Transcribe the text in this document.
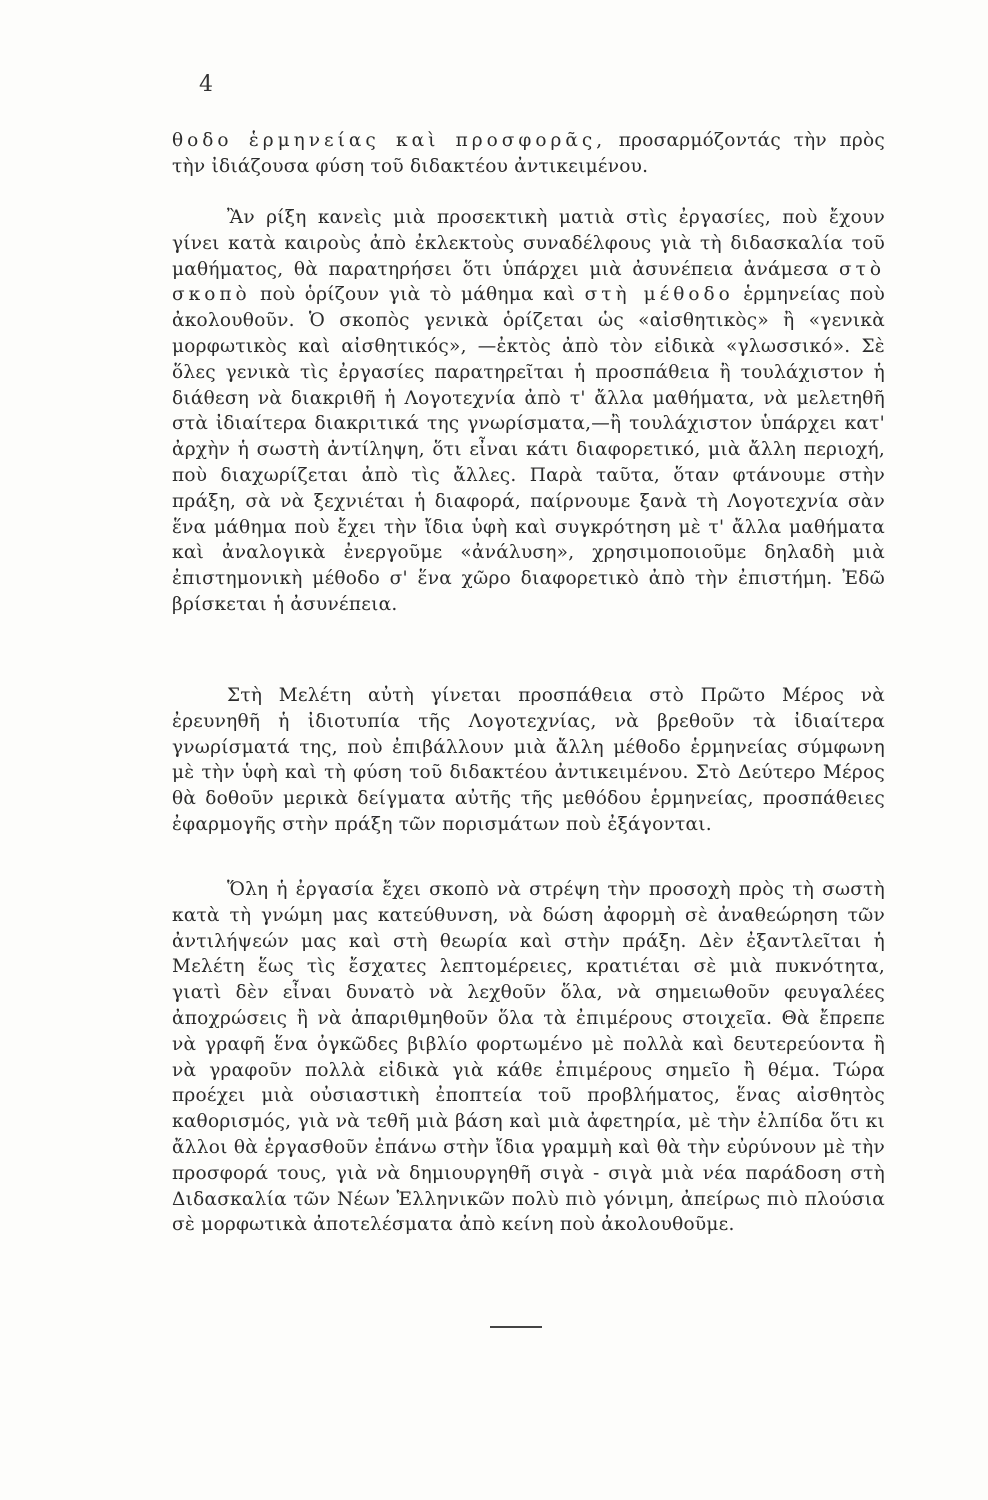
4

θοδο ἑρμηνείας καὶ προσφορᾶς, προσαρμόζοντάς τὴν πρὸς τὴν ἰδιάζουσα φύση τοῦ διδακτέου ἀντικειμένου.

Ἂν ρίξη κανεὶς μιὰ προσεκτικὴ ματιὰ στὶς ἐργασίες, ποὺ ἔχουν γίνει κατὰ καιροὺς ἀπὸ ἐκλεκτοὺς συναδέλφους γιὰ τὴ διδασκαλία τοῦ μαθήματος, θὰ παρατηρήσει ὅτι ὑπάρχει μιὰ ἀσυνέπεια ἀνάμεσα στὸ σκοπὸ ποὺ ὁρίζουν γιὰ τὸ μάθημα καὶ στὴ μέθοδο ἑρμηνείας ποὺ ἀκολουθοῦν. Ὁ σκοπὸς γενικὰ ὁρίζεται ὡς «αἰσθητικὸς» ἢ «γενικὰ μορφωτικὸς καὶ αἰσθητικός», —ἐκτὸς ἀπὸ τὸν εἰδικὰ «γλωσσικό». Σὲ ὅλες γενικὰ τὶς ἐργασίες παρατηρεῖται ἡ προσπάθεια ἢ τουλάχιστον ἡ διάθεση νὰ διακριθῆ ἡ Λογοτεχνία ἀπὸ τ' ἄλλα μαθήματα, νὰ μελετηθῆ στὰ ἰδιαίτερα διακριτικά της γνωρίσματα,—ἢ τουλάχιστον ὑπάρχει κατ' ἀρχὴν ἡ σωστὴ ἀντίληψη, ὅτι εἶναι κάτι διαφορετικό, μιὰ ἄλλη περιοχή, ποὺ διαχωρίζεται ἀπὸ τὶς ἄλλες. Παρὰ ταῦτα, ὅταν φτάνουμε στὴν πράξη, σὰ νὰ ξεχνιέται ἡ διαφορά, παίρνουμε ξανὰ τὴ Λογοτεχνία σὰν ἕνα μάθημα ποὺ ἔχει τὴν ἴδια ὑφὴ καὶ συγκρότηση μὲ τ' ἄλλα μαθήματα καὶ ἀναλογικὰ ἐνεργοῦμε «ἀνάλυση», χρησιμοποιοῦμε δηλαδὴ μιὰ ἐπιστημονικὴ μέθοδο σ' ἕνα χῶρο διαφορετικὸ ἀπὸ τὴν ἐπιστήμη. Ἐδῶ βρίσκεται ἡ ἀσυνέπεια.

Στὴ Μελέτη αὐτὴ γίνεται προσπάθεια στὸ Πρῶτο Μέρος νὰ ἐρευνηθῆ ἡ ἰδιοτυπία τῆς Λογοτεχνίας, νὰ βρεθοῦν τὰ ἰδιαίτερα γνωρίσματά της, ποὺ ἐπιβάλλουν μιὰ ἄλλη μέθοδο ἑρμηνείας σύμφωνη μὲ τὴν ὑφὴ καὶ τὴ φύση τοῦ διδακτέου ἀντικειμένου. Στὸ Δεύτερο Μέρος θὰ δοθοῦν μερικὰ δείγματα αὐτῆς τῆς μεθόδου ἑρμηνείας, προσπάθειες ἐφαρμογῆς στὴν πράξη τῶν πορισμάτων ποὺ ἐξάγονται.

Ὅλη ἡ ἐργασία ἔχει σκοπὸ νὰ στρέψη τὴν προσοχὴ πρὸς τὴ σωστὴ κατὰ τὴ γνώμη μας κατεύθυνση, νὰ δώση ἀφορμὴ σὲ ἀναθεώρηση τῶν ἀντιλήψεών μας καὶ στὴ θεωρία καὶ στὴν πράξη. Δὲν ἐξαντλεῖται ἡ Μελέτη ἕως τὶς ἔσχατες λεπτομέρειες, κρατιέται σὲ μιὰ πυκνότητα, γιατὶ δὲν εἶναι δυνατὸ νὰ λεχθοῦν ὅλα, νὰ σημειωθοῦν φευγαλέες ἀποχρώσεις ἢ νὰ ἀπαριθμηθοῦν ὅλα τὰ ἐπιμέρους στοιχεῖα. Θὰ ἔπρεπε νὰ γραφῆ ἕνα ὀγκῶδες βιβλίο φορτωμένο μὲ πολλὰ καὶ δευτερεύοντα ἢ νὰ γραφοῦν πολλὰ εἰδικὰ γιὰ κάθε ἐπιμέρους σημεῖο ἢ θέμα. Τώρα προέχει μιὰ οὐσιαστικὴ ἐποπτεία τοῦ προβλήματος, ἕνας αἰσθητὸς καθορισμός, γιὰ νὰ τεθῆ μιὰ βάση καὶ μιὰ ἀφετηρία, μὲ τὴν ἐλπίδα ὅτι κι ἄλλοι θὰ ἐργασθοῦν ἐπάνω στὴν ἴδια γραμμὴ καὶ θὰ τὴν εὐρύνουν μὲ τὴν προσφορά τους, γιὰ νὰ δημιουργηθῆ σιγὰ - σιγὰ μιὰ νέα παράδοση στὴ Διδασκαλία τῶν Νέων Ἑλληνικῶν πολὺ πιὸ γόνιμη, ἀπείρως πιὸ πλούσια σὲ μορφωτικὰ ἀποτελέσματα ἀπὸ κείνη ποὺ ἀκολουθοῦμε.
